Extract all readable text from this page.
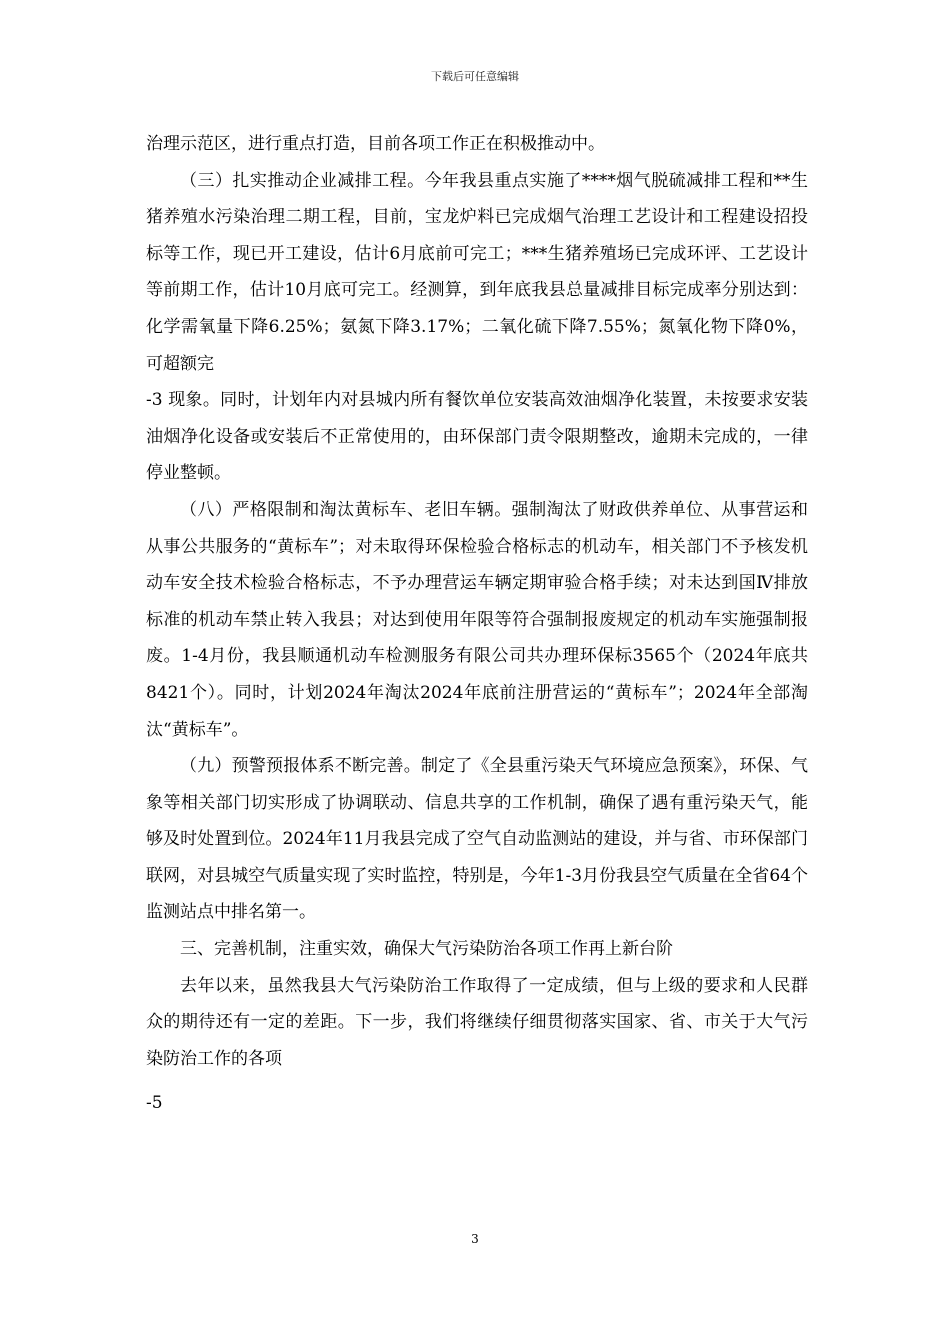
下载后可任意编辑

治理示范区，进行重点打造，目前各项工作正在积极推动中。

（三）扎实推动企业减排工程。今年我县重点实施了****烟气脱硫减排工程和**生猪养殖水污染治理二期工程，目前，宝龙炉料已完成烟气治理工艺设计和工程建设招投标等工作，现已开工建设，估计6月底前可完工；***生猪养殖场已完成环评、工艺设计等前期工作，估计10月底可完工。经测算，到年底我县总量减排目标完成率分别达到：化学需氧量下降6.25%；氨氮下降3.17%；二氧化硫下降7.55%；氮氧化物下降0%，可超额完

-3 现象。同时，计划年内对县城内所有餐饮单位安装高效油烟净化装置，未按要求安装油烟净化设备或安装后不正常使用的，由环保部门责令限期整改，逾期未完成的，一律停业整顿。

（八）严格限制和淘汰黄标车、老旧车辆。强制淘汰了财政供养单位、从事营运和从事公共服务的“黄标车”；对未取得环保检验合格标志的机动车，相关部门不予核发机动车安全技术检验合格标志，不予办理营运车辆定期审验合格手续；对未达到国Ⅳ排放标准的机动车禁止转入我县；对达到使用年限等符合强制报废规定的机动车实施强制报废。1-4月份，我县顺通机动车检测服务有限公司共办理环保标3565个（2024年底共8421个）。同时，计划2024年淘汰2024年底前注册营运的“黄标车”；2024年全部淘汰“黄标车”。

（九）预警预报体系不断完善。制定了《全县重污染天气环境应急预案》，环保、气象等相关部门切实形成了协调联动、信息共享的工作机制，确保了遇有重污染天气，能够及时处置到位。2024年11月我县完成了空气自动监测站的建设，并与省、市环保部门联网，对县城空气质量实现了实时监控，特别是，今年1-3月份我县空气质量在全省64个监测站点中排名第一。

三、完善机制，注重实效，确保大气污染防治各项工作再上新台阶

去年以来，虽然我县大气污染防治工作取得了一定成绩，但与上级的要求和人民群众的期待还有一定的差距。下一步，我们将继续仔细贯彻落实国家、省、市关于大气污染防治工作的各项

-5

3
